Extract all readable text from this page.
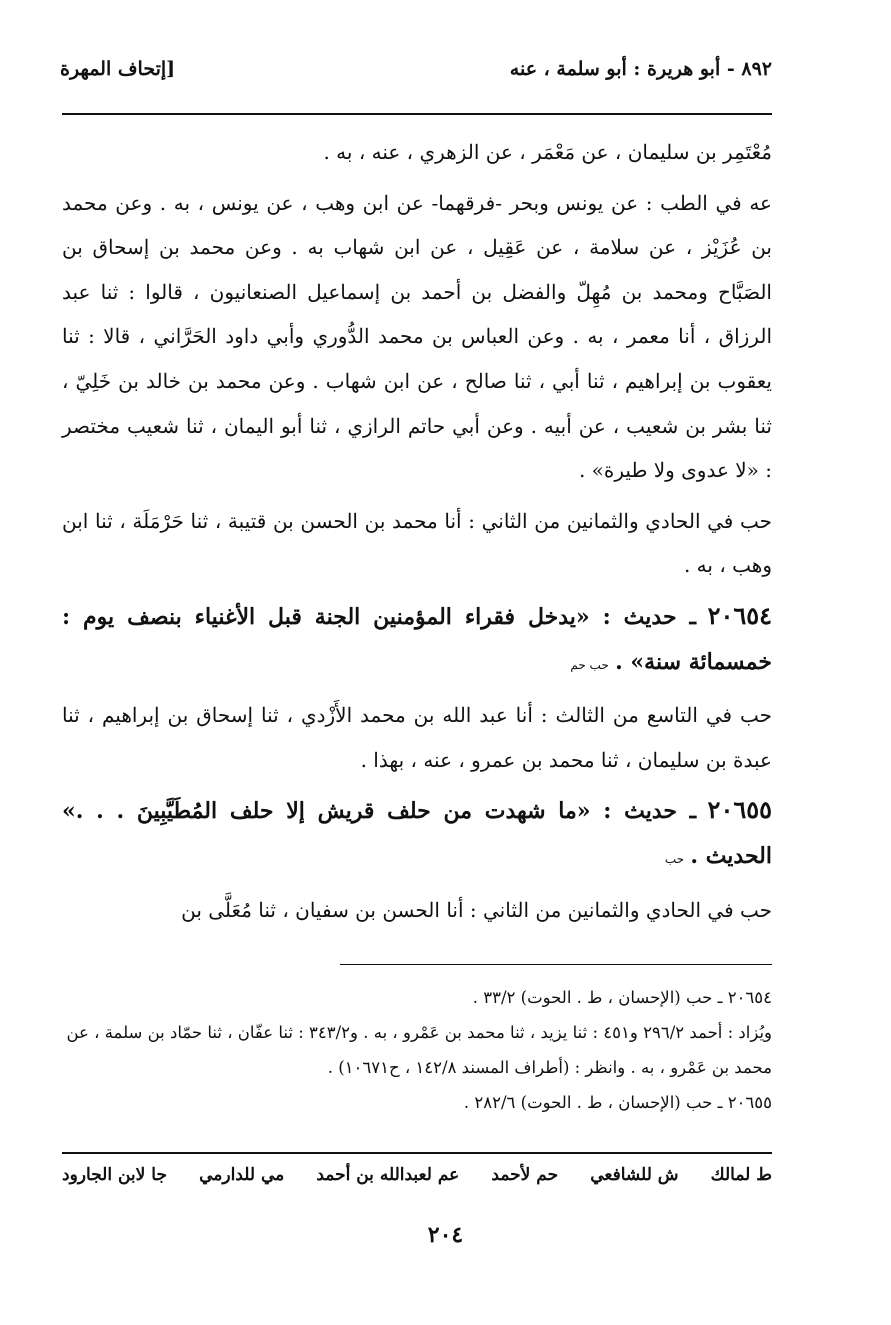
٨٩٢ - أبو هريرة : أبو سلمة ، عنه
[إتحاف المهرة

مُعْتَمِر بن سليمان ، عن مَعْمَر ، عن الزهري ، عنه ، به .

عه في الطب : عن يونس وبحر -فرقهما- عن ابن وهب ، عن يونس ، به . وعن محمد بن عُزَيْز ، عن سلامة ، عن عَقِيل ، عن ابن شهاب به . وعن محمد بن إسحاق بن الصَبَّاح ومحمد بن مُهِلّ والفضل بن أحمد بن إسماعيل الصنعانيون ، قالوا : ثنا عبد الرزاق ، أنا معمر ، به . وعن العباس بن محمد الدُّوري وأبي داود الحَرَّاني ، قالا : ثنا يعقوب بن إبراهيم ، ثنا أبي ، ثنا صالح ، عن ابن شهاب . وعن محمد بن خالد بن خَلِيّ ، ثنا بشر بن شعيب ، عن أبيه . وعن أبي حاتم الرازي ، ثنا أبو اليمان ، ثنا شعيب مختصر : «لا عدوى ولا طيرة» .

حب في الحادي والثمانين من الثاني : أنا محمد بن الحسن بن قتيبة ، ثنا حَرْمَلَة ، ثنا ابن وهب ، به .

٢٠٦٥٤ ـ حديث : «يدخل فقراء المؤمنين الجنة قبل الأغنياء بنصف يوم : خمسمائة سنة» . حب حم

حب في التاسع من الثالث : أنا عبد الله بن محمد الأَزْدي ، ثنا إسحاق بن إبراهيم ، ثنا عبدة بن سليمان ، ثنا محمد بن عمرو ، عنه ، بهذا .

٢٠٦٥٥ ـ حديث : «ما شهدت من حلف قريش إلا حلف المُطَيَّبِينَ . . .» الحديث . حب

حب في الحادي والثمانين من الثاني : أنا الحسن بن سفيان ، ثنا مُعَلَّى بن

٢٠٦٥٤ ـ حب (الإحسان ، ط . الحوت) ٣٣/٢ .

ويُزاد : أحمد ٢٩٦/٢ و٤٥١ : ثنا يزيد ، ثنا محمد بن عَمْرو ، به . و٣٤٣/٢ : ثنا عفّان ، ثنا حمّاد بن سلمة ، عن محمد بن عَمْرو ، به . وانظر : (أطراف المسند ١٤٢/٨ ، ح١٠٦٧١) .

٢٠٦٥٥ ـ حب (الإحسان ، ط . الحوت) ٢٨٢/٦ .

ط لمالك
ش للشافعي
حم لأحمد
عم لعبدالله بن أحمد
مي للدارمي
جا لابن الجارود
٢٠٤
